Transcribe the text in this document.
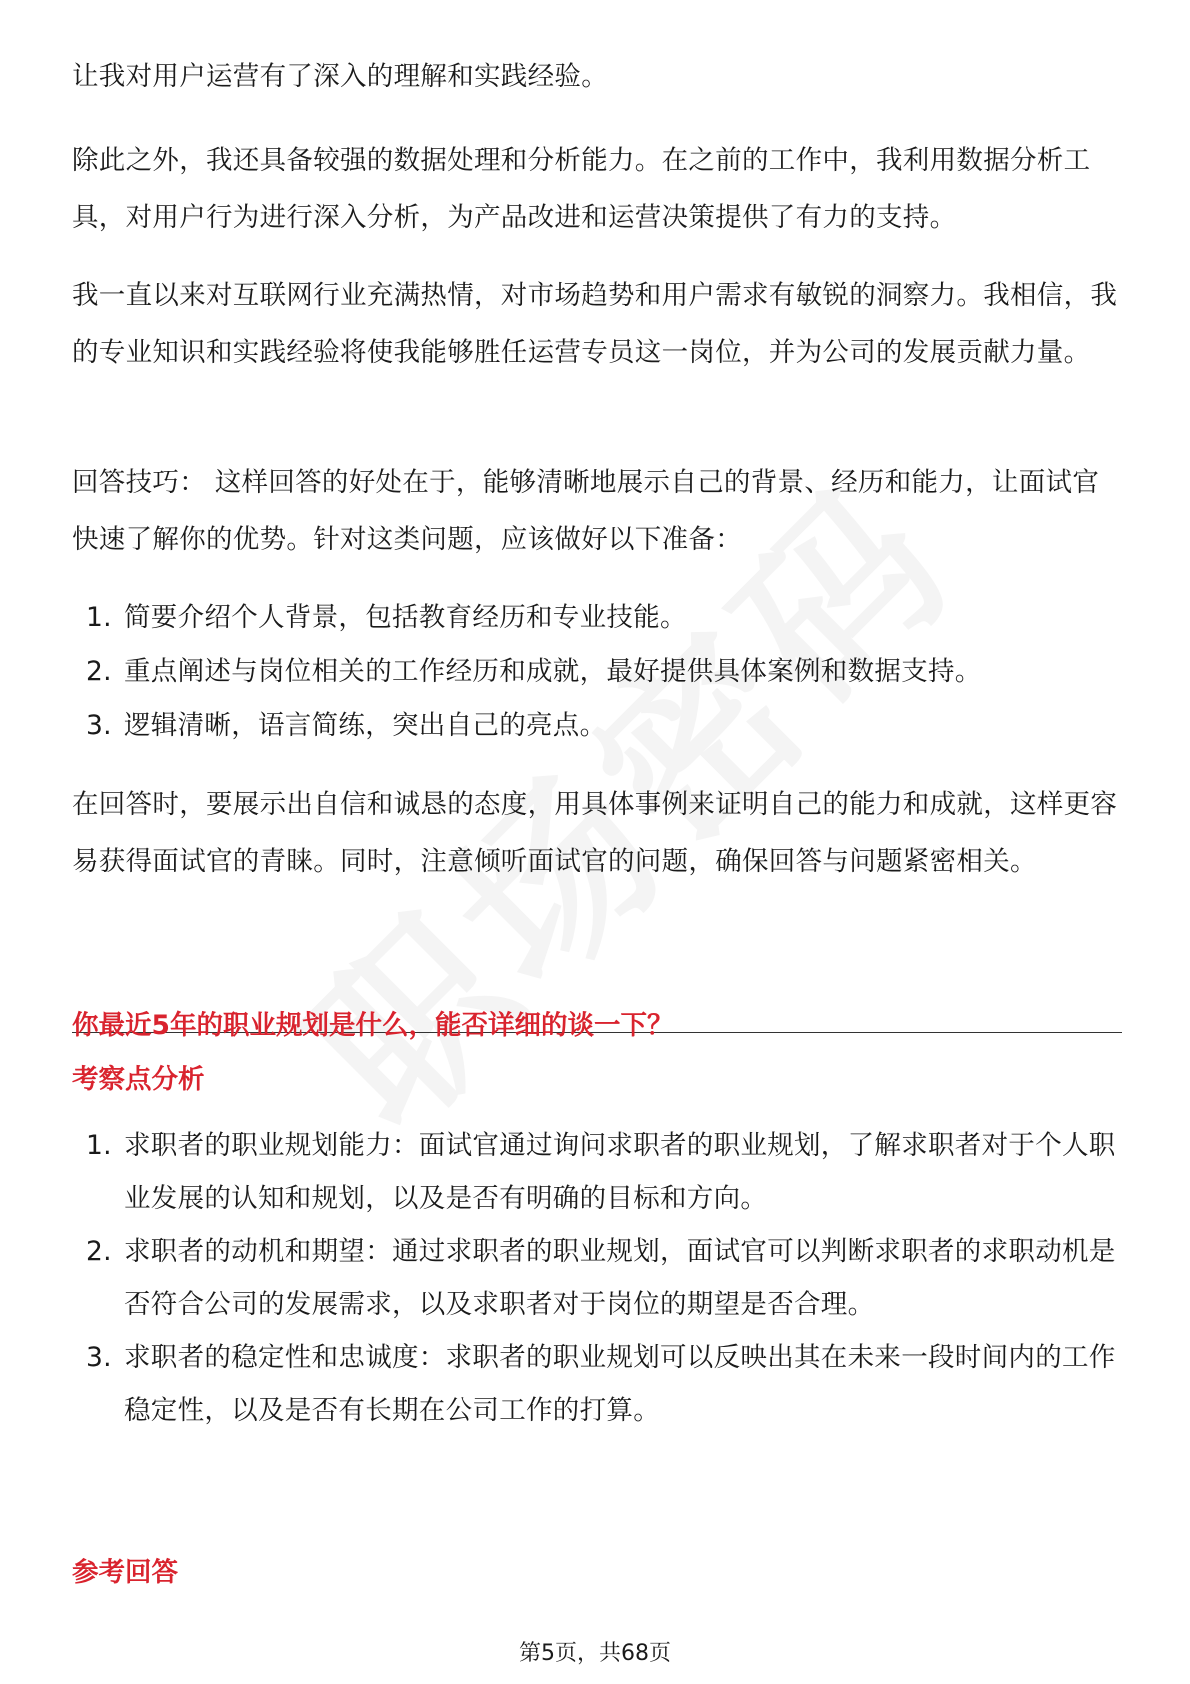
让我对用户运营有了深入的理解和实践经验。

除此之外，我还具备较强的数据处理和分析能力。在之前的工作中，我利用数据分析工具，对用户行为进行深入分析，为产品改进和运营决策提供了有力的支持。

我一直以来对互联网行业充满热情，对市场趋势和用户需求有敏锐的洞察力。我相信，我的专业知识和实践经验将使我能够胜任运营专员这一岗位，并为公司的发展贡献力量。

回答技巧： 这样回答的好处在于，能够清晰地展示自己的背景、经历和能力，让面试官快速了解你的优势。针对这类问题，应该做好以下准备：

1. 简要介绍个人背景，包括教育经历和专业技能。
2. 重点阐述与岗位相关的工作经历和成就，最好提供具体案例和数据支持。
3. 逻辑清晰，语言简练，突出自己的亮点。

在回答时，要展示出自信和诚恳的态度，用具体事例来证明自己的能力和成就，这样更容易获得面试官的青睐。同时，注意倾听面试官的问题，确保回答与问题紧密相关。

你最近5年的职业规划是什么，能否详细的谈一下？
考察点分析
1. 求职者的职业规划能力：面试官通过询问求职者的职业规划，了解求职者对于个人职业发展的认知和规划，以及是否有明确的目标和方向。
2. 求职者的动机和期望：通过求职者的职业规划，面试官可以判断求职者的求职动机是否符合公司的发展需求，以及求职者对于岗位的期望是否合理。
3. 求职者的稳定性和忠诚度：求职者的职业规划可以反映出其在未来一段时间内的工作稳定性，以及是否有长期在公司工作的打算。
参考回答
第5页，共68页
